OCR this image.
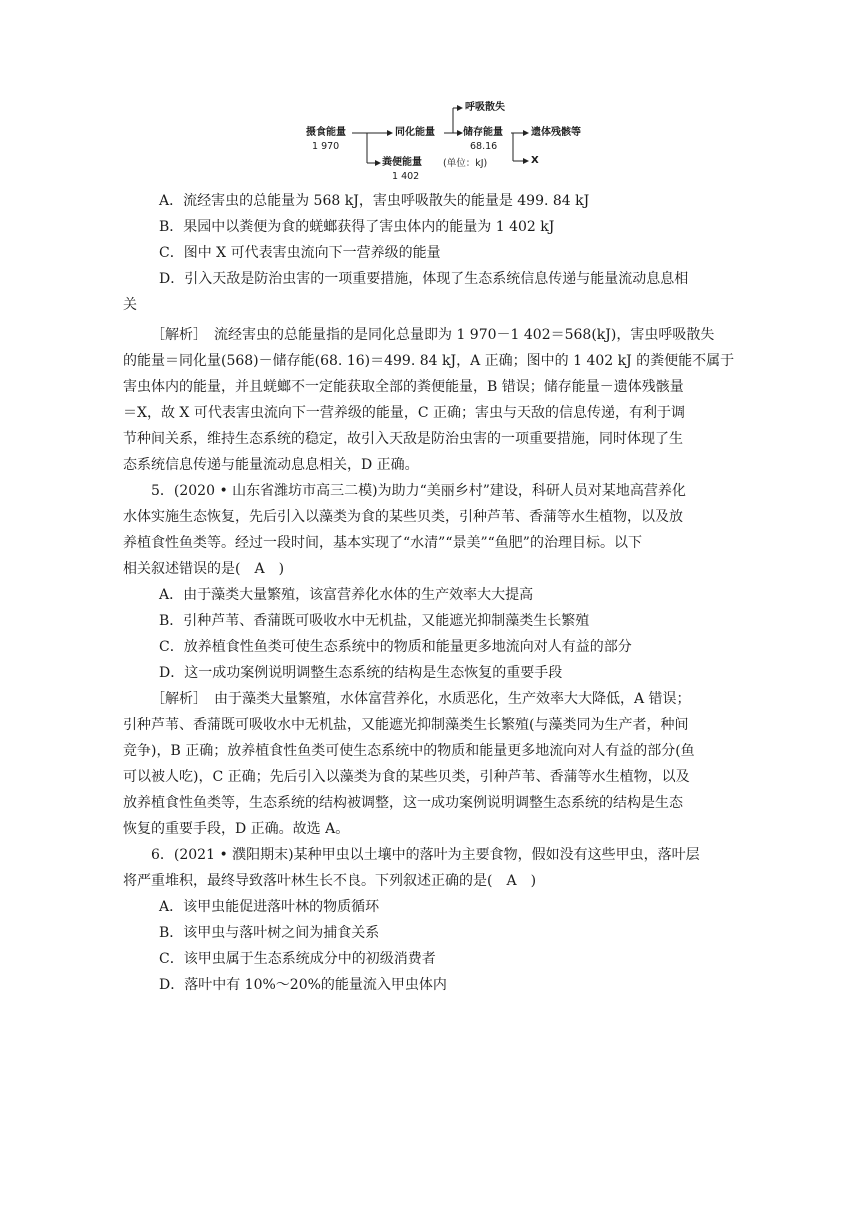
摄食能量
1 970
同化能量
呼吸散失
储存能量
68.16
遗体残骸等
X
粪便能量 (单位：kJ)
1 402
A．流经害虫的总能量为 568 kJ，害虫呼吸散失的能量是 499. 84 kJ
B．果园中以粪便为食的蜣螂获得了害虫体内的能量为 1 402 kJ
C．图中 X 可代表害虫流向下一营养级的能量
D．引入天敌是防治虫害的一项重要措施，体现了生态系统信息传递与能量流动息息相
关
［解析］　 流经害虫的总能量指的是同化总量即为 1 970－1 402＝568(kJ)，害虫呼吸散失
的能量＝同化量(568)－储存能(68. 16)＝499. 84 kJ，A 正确；图中的 1 402 kJ 的粪便能不属于
害虫体内的能量，并且蜣螂不一定能获取全部的粪便能量，B 错误；储存能量－遗体残骸量
＝X，故 X 可代表害虫流向下一营养级的能量，C 正确；害虫与天敌的信息传递，有利于调
节种间关系，维持生态系统的稳定，故引入天敌是防治虫害的一项重要措施，同时体现了生
态系统信息传递与能量流动息息相关，D 正确。
5．(2020 • 山东省潍坊市高三二模)为助力“美丽乡村”建设，科研人员对某地高营养化
水体实施生态恢复，先后引入以藻类为食的某些贝类，引种芦苇、香蒲等水生植物，以及放
养植食性鱼类等。经过一段时间，基本实现了“水清”“景美”“鱼肥”的治理目标。以下
相关叙述错误的是(　A　)
A．由于藻类大量繁殖，该富营养化水体的生产效率大大提高
B．引种芦苇、香蒲既可吸收水中无机盐，又能遮光抑制藻类生长繁殖
C．放养植食性鱼类可使生态系统中的物质和能量更多地流向对人有益的部分
D．这一成功案例说明调整生态系统的结构是生态恢复的重要手段
［解析］　 由于藻类大量繁殖，水体富营养化，水质恶化，生产效率大大降低，A 错误；
引种芦苇、香蒲既可吸收水中无机盐，又能遮光抑制藻类生长繁殖(与藻类同为生产者，种间
竞争)，B 正确；放养植食性鱼类可使生态系统中的物质和能量更多地流向对人有益的部分(鱼
可以被人吃)，C 正确；先后引入以藻类为食的某些贝类，引种芦苇、香蒲等水生植物，以及
放养植食性鱼类等，生态系统的结构被调整，这一成功案例说明调整生态系统的结构是生态
恢复的重要手段，D 正确。故选 A。
6．(2021 • 濮阳期末)某种甲虫以土壤中的落叶为主要食物，假如没有这些甲虫，落叶层
将严重堆积，最终导致落叶林生长不良。下列叙述正确的是(　A　)
A．该甲虫能促进落叶林的物质循环
B．该甲虫与落叶树之间为捕食关系
C．该甲虫属于生态系统成分中的初级消费者
D．落叶中有 10%～20%的能量流入甲虫体内
